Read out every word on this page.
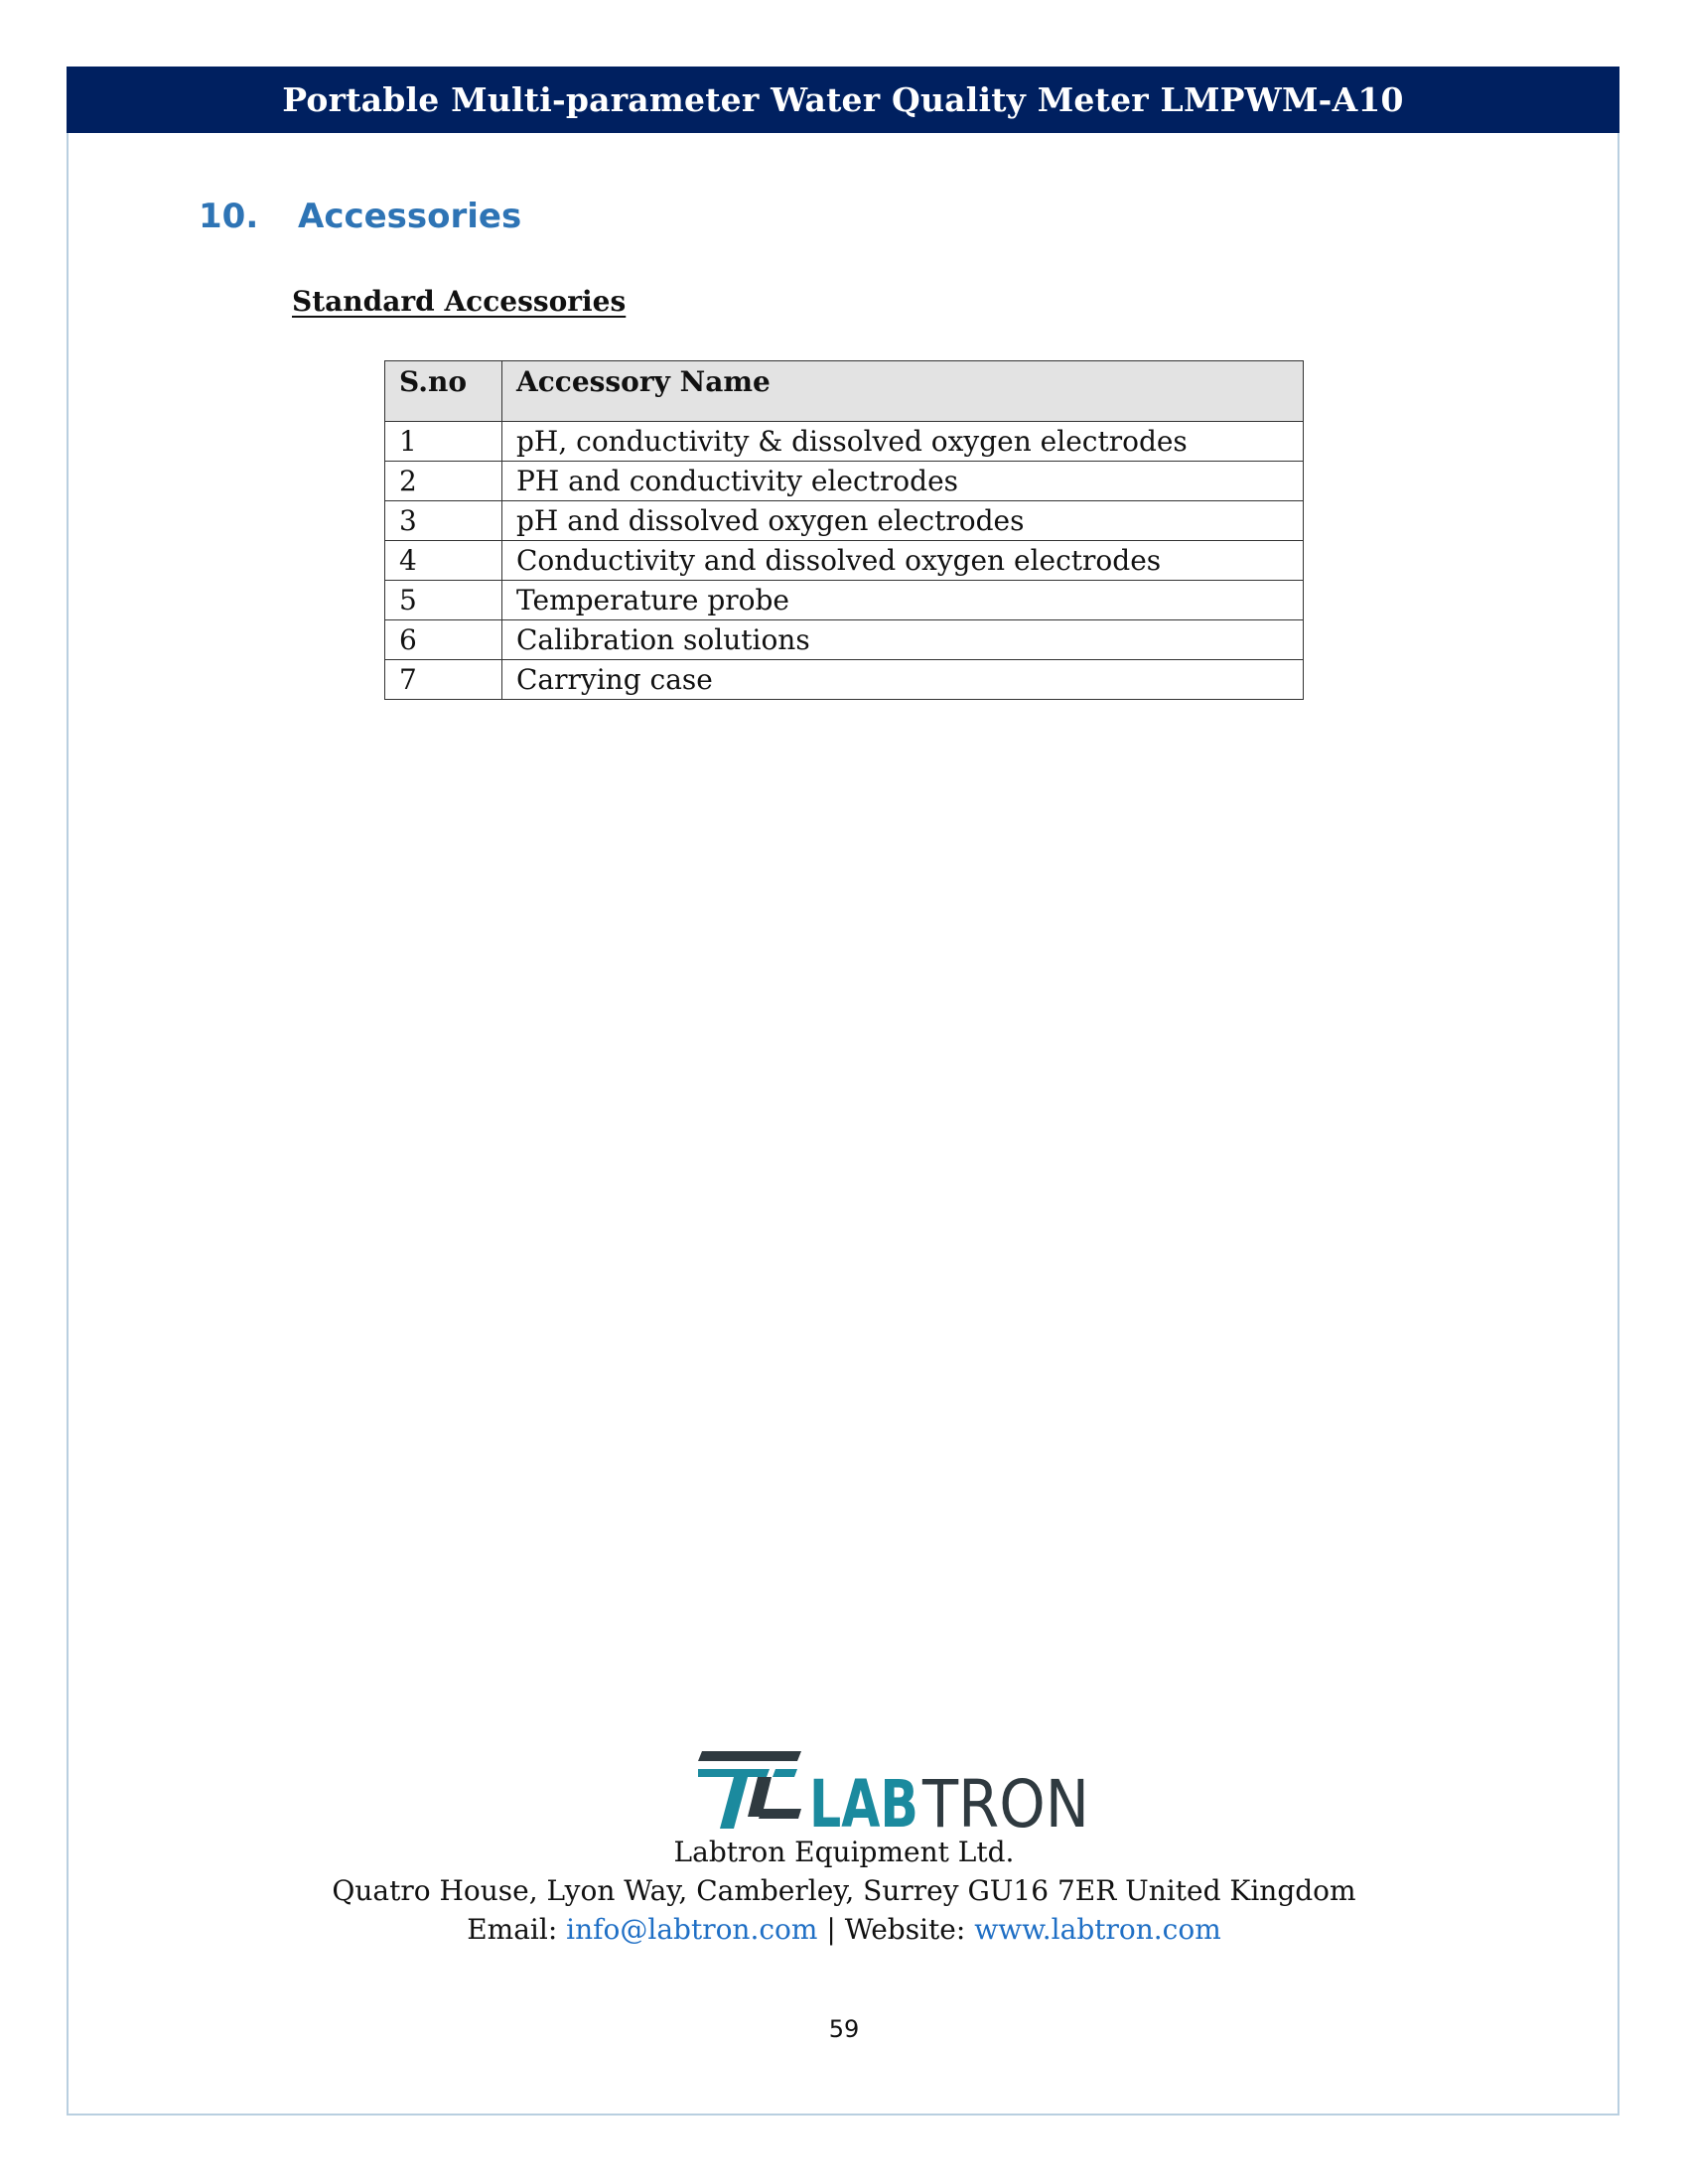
Portable Multi-parameter Water Quality Meter LMPWM-A10
10.	Accessories
Standard Accessories
S.no	Accessory Name
1	pH, conductivity & dissolved oxygen electrodes
2	PH and conductivity electrodes
3	pH and dissolved oxygen electrodes
4	Conductivity and dissolved oxygen electrodes
5	Temperature probe
6	Calibration solutions
7	Carrying case
LAB TRON
Labtron Equipment Ltd.
Quatro House, Lyon Way, Camberley, Surrey GU16 7ER United Kingdom
Email: info@labtron.com | Website: www.labtron.com
59
